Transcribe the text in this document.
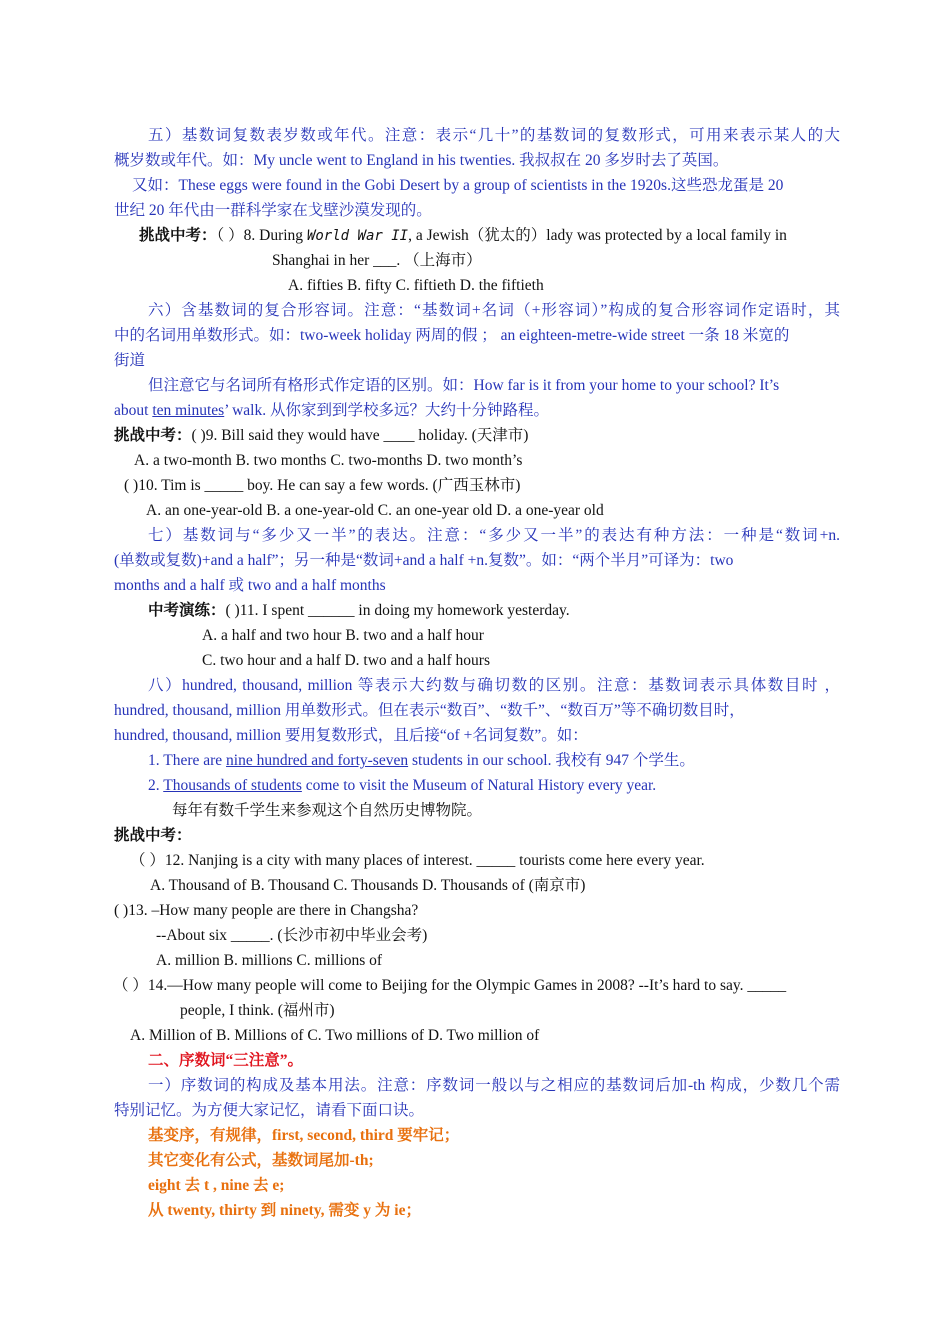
五）基数词复数表岁数或年代。注意：表示“几十”的基数词的复数形式，可用来表示某人的大
概岁数或年代。如：My uncle went to England in his twenties. 我叔叔在 20 多岁时去了英国。
又如：These eggs were found in the Gobi Desert by a group of scientists in the 1920s.这些恐龙蛋是 20
世纪 20 年代由一群科学家在戈壁沙漠发现的。
挑战中考：（ ）8. During World War II, a Jewish（犹太的）lady was protected by a local family in
Shanghai in her ___. （上海市）
A. fifties B. fifty C. fiftieth D. the fiftieth
六）含基数词的复合形容词。注意：“基数词+名词（+形容词）”构成的复合形容词作定语时，其
中的名词用单数形式。如：two-week holiday 两周的假 ； an eighteen-metre-wide street 一条 18 米宽的
街道
但注意它与名词所有格形式作定语的区别。如：How far is it from your home to your school? It’s
about ten minutes’ walk. 从你家到到学校多远？大约十分钟路程。
挑战中考：( )9. Bill said they would have ____ holiday. (天津市)
A. a two-month B. two months C. two-months D. two month’s
( )10. Tim is _____ boy. He can say a few words. (广西玉林市)
A. an one-year-old B. a one-year-old C. an one-year old D. a one-year old
七）基数词与“多少又一半”的表达。注意：“多少又一半”的表达有种方法：一种是“数词+n.
(单数或复数)+and a half”；另一种是“数词+and a half +n.复数”。如：“两个半月”可译为：two
months and a half 或 two and a half months
中考演练：( )11. I spent ______ in doing my homework yesterday.
A. a half and two hour B. two and a half hour
C. two hour and a half D. two and a half hours
八）hundred, thousand, million 等表示大约数与确切数的区别。注意：基数词表示具体数目时 ，
hundred, thousand, million 用单数形式。但在表示“数百”、“数千”、“数百万”等不确切数目时，
hundred, thousand, million 要用复数形式，且后接“of +名词复数”。如：
1. There are nine hundred and forty-seven students in our school. 我校有 947 个学生。
2. Thousands of students come to visit the Museum of Natural History every year.
每年有数千学生来参观这个自然历史博物院。
挑战中考：
（ ）12. Nanjing is a city with many places of interest. _____ tourists come here every year.
A. Thousand of B. Thousand C. Thousands D. Thousands of (南京市)
( )13. –How many people are there in Changsha?
--About six _____. (长沙市初中毕业会考)
A. million B. millions C. millions of
（ ）14.—How many people will come to Beijing for the Olympic Games in 2008? --It’s hard to say. _____
people, I think. (福州市)
A. Million of B. Millions of C. Two millions of D. Two million of
二、序数词“三注意”。
一）序数词的构成及基本用法。注意：序数词一般以与之相应的基数词后加-th 构成，少数几个需
特别记忆。为方便大家记忆，请看下面口诀。
基变序，有规律，first, second, third 要牢记；
其它变化有公式，基数词尾加-th;
eight 去 t , nine 去 e;
从 twenty, thirty 到 ninety, 需变 y 为 ie；
